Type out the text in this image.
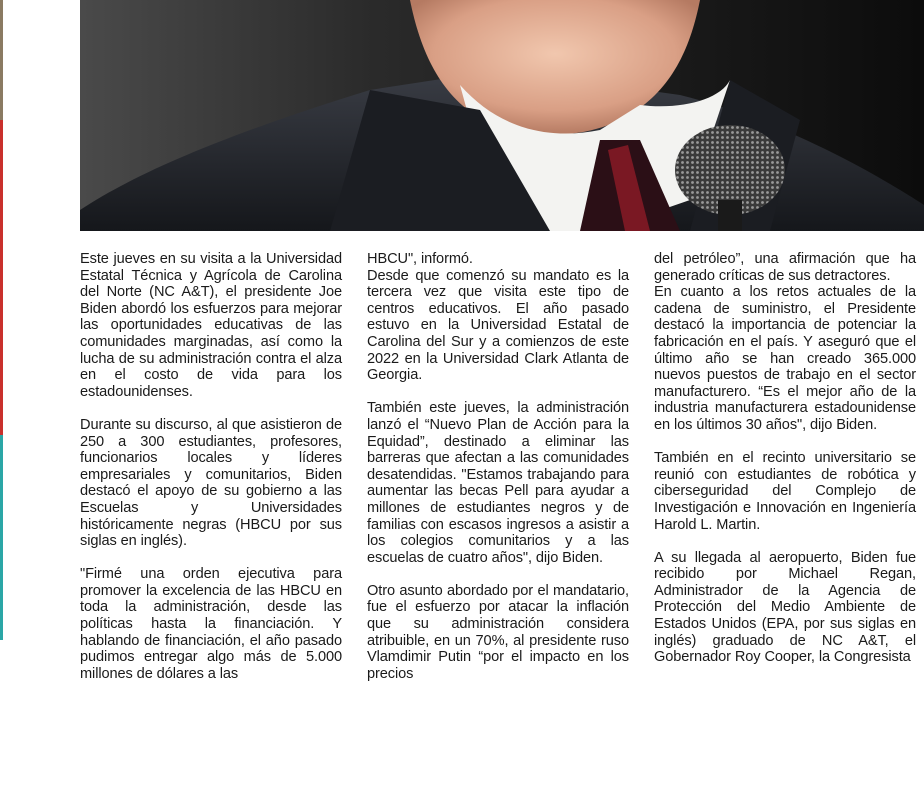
Este jueves en su visita a la Universidad Estatal Técnica y Agrícola de Carolina del Norte (NC A&T), el presidente Joe Biden abordó los esfuerzos para mejorar las oportunidades educativas de las comunidades marginadas, así como la lucha de su administración contra el alza en el costo de vida para los estadounidenses.

Durante su discurso, al que asistieron de 250 a 300 estudiantes, profesores, funcionarios locales y líderes empresariales y comunitarios, Biden destacó el apoyo de su gobierno a las Escuelas y Universidades históricamente negras (HBCU por sus siglas en inglés).

"Firmé una orden ejecutiva para promover la excelencia de las HBCU en toda la administración, desde las políticas hasta la financiación. Y hablando de financiación, el año pasado pudimos entregar algo más de 5.000 millones de dólares a las

HBCU", informó.

Desde que comenzó su mandato es la tercera vez que visita este tipo de centros educativos. El año pasado estuvo en la Universidad Estatal de Carolina del Sur y a comienzos de este 2022 en la Universidad Clark Atlanta de Georgia.

También este jueves, la administración lanzó el “Nuevo Plan de Acción para la Equidad”, destinado a eliminar las barreras que afectan a las comunidades desatendidas. "Estamos trabajando para aumentar las becas Pell para ayudar a millones de estudiantes negros y de familias con escasos ingresos a asistir a los colegios comunitarios y a las escuelas de cuatro años", dijo Biden.

Otro asunto abordado por el mandatario, fue el esfuerzo por atacar la inflación que su administración considera atribuible, en un 70%, al presidente ruso Vlamdimir Putin “por el impacto en los precios

del petróleo”, una afirmación que ha generado críticas de sus detractores.

En cuanto a los retos actuales de la cadena de suministro, el Presidente destacó la importancia de potenciar la fabricación en el país. Y aseguró que el último año se han creado 365.000 nuevos puestos de trabajo en el sector manufacturero. “Es el mejor año de la industria manufacturera estadounidense en los últimos 30 años", dijo Biden.

También en el recinto universitario se reunió con estudiantes de robótica y ciberseguridad del Complejo de Investigación e Innovación en Ingeniería Harold L. Martin.

A su llegada al aeropuerto, Biden fue recibido por Michael Regan, Administrador de la Agencia de Protección del Medio Ambiente de Estados Unidos (EPA, por sus siglas en inglés) graduado de NC A&T, el Gobernador Roy Cooper, la Congresista
